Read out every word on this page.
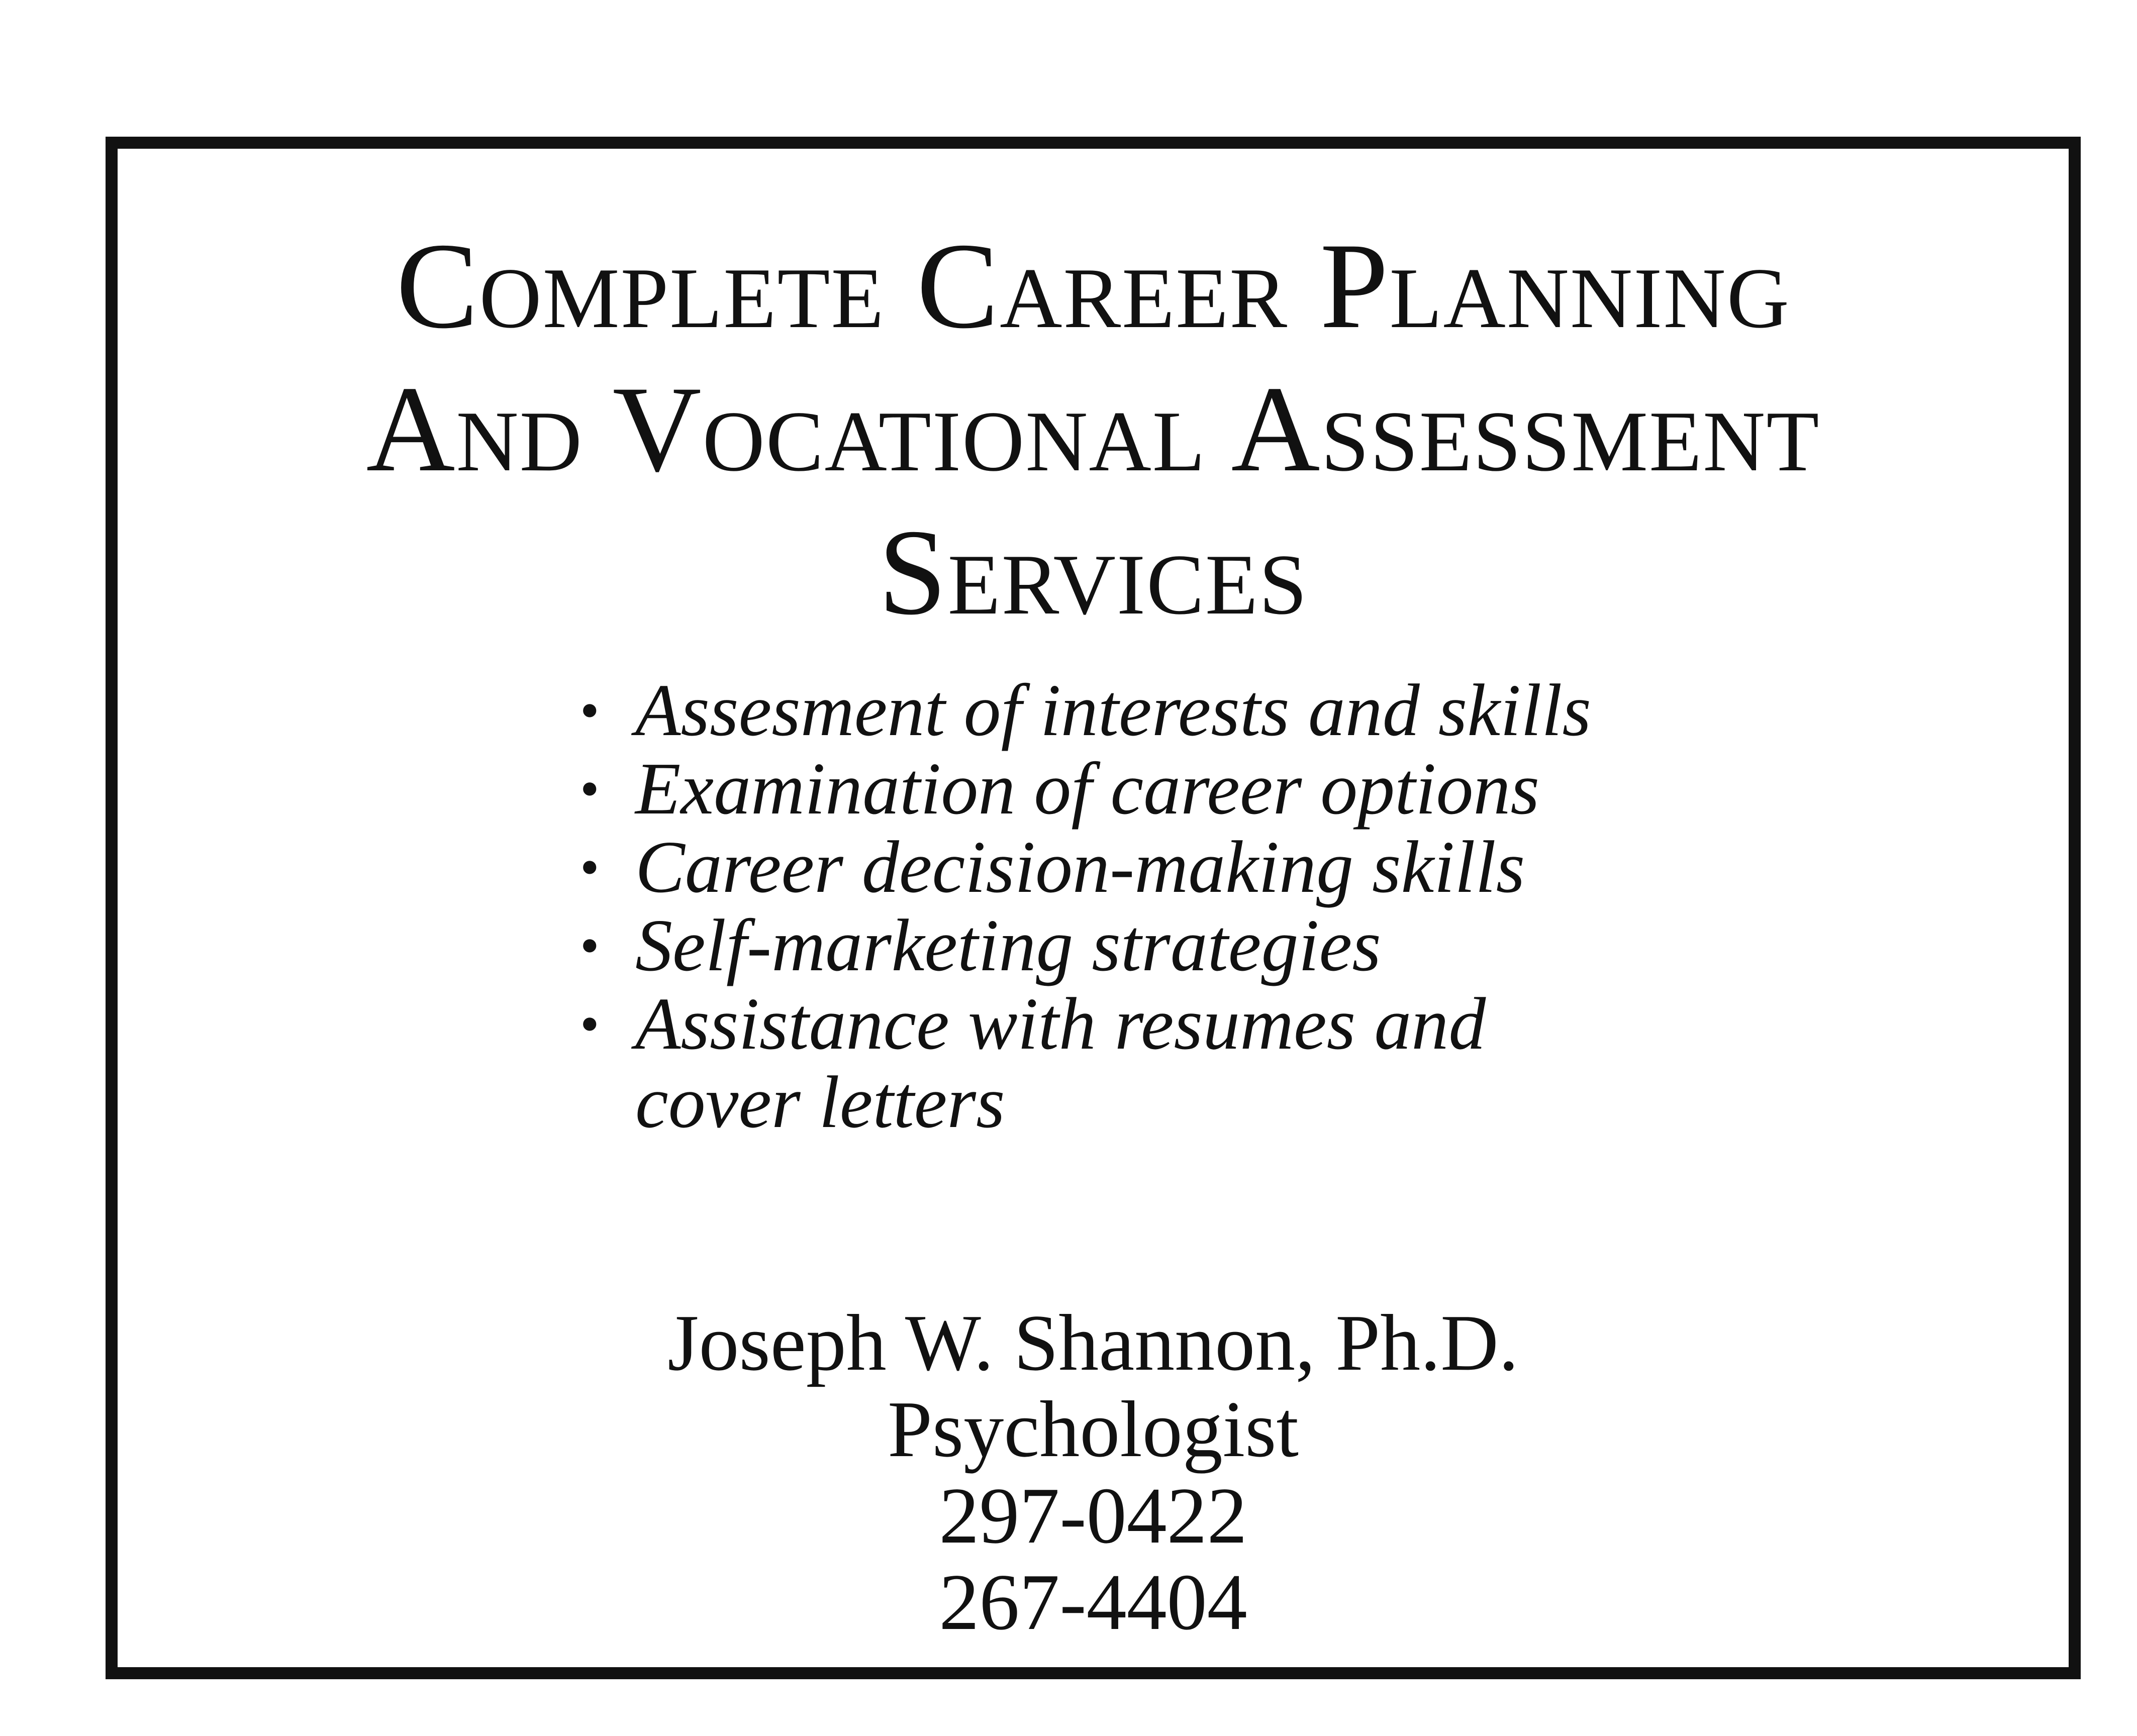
Complete Career Planning
And Vocational Assessment
Services
• Assesment of interests and skills
• Examination of career options
• Career decision-making skills
• Self-marketing strategies
• Assistance with resumes and cover letters
Joseph W. Shannon, Ph.D.
Psychologist
297-0422
267-4404
